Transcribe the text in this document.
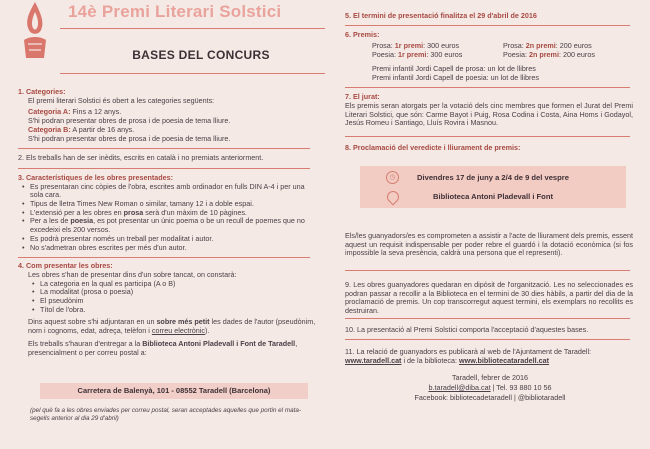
14è Premi Literari Solstici
BASES DEL CONCURS

1. Categories:

El premi literari Solstici és obert a les categories següents:

Categoria A: Fins a 12 anys.

S'hi podran presentar obres de prosa i de poesia de tema lliure.

Categoria B: A partir de 16 anys.

S'hi podran presentar obres de prosa i de poesia de tema lliure.

2. Els treballs han de ser inèdits, escrits en català i no premiats anteriorment.

3. Característiques de les obres presentades:

• Es presentaran cinc còpies de l'obra, escrites amb ordinador en fulls DIN A-4 i per una sola cara.

• Tipus de lletra Times New Roman o similar, tamany 12 i a doble espai.

• L'extensió per a les obres en prosa serà d'un màxim de 10 pàgines.

• Per a les de poesia, es pot presentar un únic poema o be un recull de poemes que no excedeixi els 200 versos.

• Es podrà presentar només un treball per modalitat i autor.

• No s'admetran obres escrites per més d'un autor.

4. Com presentar les obres:

Les obres s'han de presentar dins d'un sobre tancat, on constarà:

• La categoria en la qual es participa (A o B)

• La modalitat (prosa o poesia)

• El pseudònim

• Títol de l'obra.

Dins aquest sobre s'hi adjuntaran en un sobre més petit les dades de l'autor (pseudònim, nom i cognoms, edat, adreça, telèfon i correu electrònic).

Els treballs s'hauran d'entregar a la Biblioteca Antoni Pladevall i Font de Taradell, presencialment o per correu postal a:

Carretera de Balenyà, 101 - 08552 Taradell (Barcelona)
(pel què fa a les obres enviades per correu postal, seran acceptades aquelles que portin el mata-segells anterior al dia 29 d'abril)
5. El termini de presentació finalitza el 29 d'abril de 2016
6. Premis:
Prosa: 1r premi: 300 euros	Prosa: 2n premi: 200 euros
Poesia: 1r premi: 300 euros	Poesia: 2n premi: 200 euros
Premi infantil Jordi Capell de prosa: un lot de llibres
Premi infantil Jordi Capell de poesia: un lot de llibres
7. El jurat:
Els premis seran atorgats per la votació dels cinc membres que formen el Jurat del Premi Literari Solstici, que són: Carme Bayot i Puig, Rosa Codina i Costa, Aina Homs i Godayol, Jesús Romeu i Santiago, Lluís Rovira i Masnou.
8. Proclamació del veredicte i lliurament de premis:
◷	Divendres 17 de juny a 2/4 de 9 del vespre
Biblioteca Antoni Pladevall i Font
Els/les guanyadors/es es comprometen a assistir a l'acte de lliurament dels premis, essent aquest un requisit indispensable per poder rebre el guardó i la dotació econòmica (si fos impossible la seva presència, caldrà una persona que el representi).
9. Les obres guanyadores quedaran en dipòsit de l'organització. Les no seleccionades es podran passar a recollir a la Biblioteca en el termini de 30 dies hàbils, a partir del dia de la proclamació de premis. Un cop transcorregut aquest termini, els exemplars no recollits es destruiran.
10. La presentació al Premi Solstici comporta l'acceptació d'aquestes bases.
11. La relació de guanyadors es publicarà al web de l'Ajuntament de Taradell: www.taradell.cat i de la biblioteca: www.bibliotecataradell.cat
Taradell, febrer de 2016
b.taradell@diba.cat | Tel. 93 880 10 56
Facebook: bibliotecadetaradell | @bibliotaradell
